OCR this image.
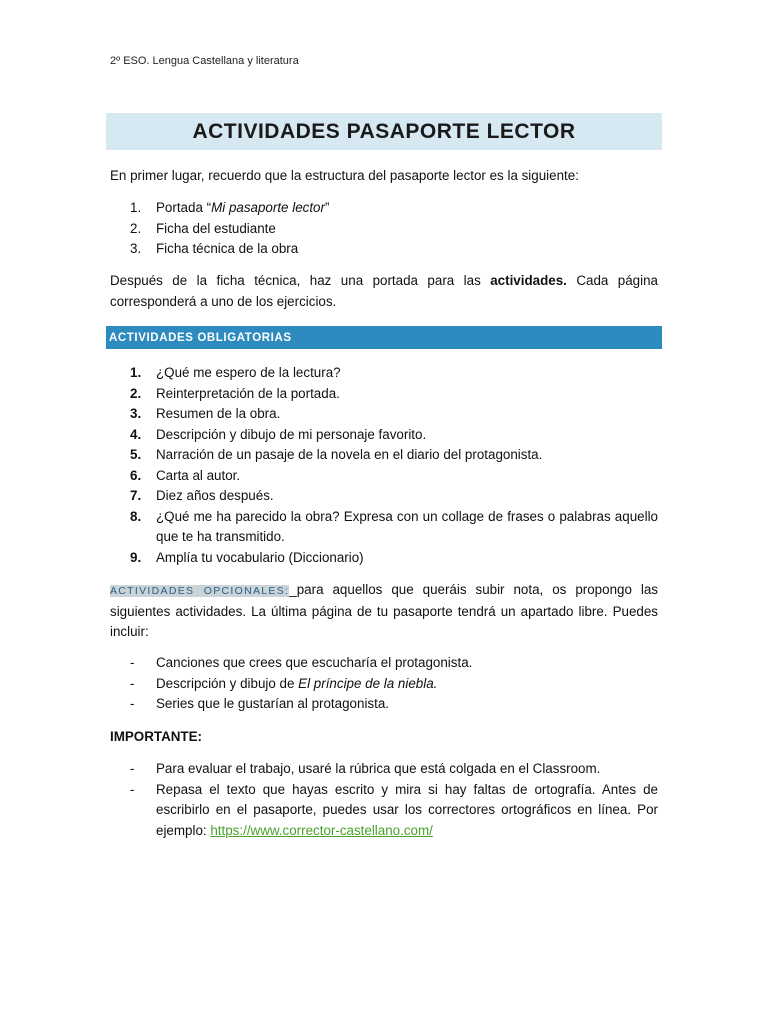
2º ESO. Lengua Castellana y literatura
ACTIVIDADES PASAPORTE LECTOR
En primer lugar, recuerdo que la estructura del pasaporte lector es la siguiente:
1.	Portada “Mi pasaporte lector”
2.	Ficha del estudiante
3.	Ficha técnica de la obra
Después de la ficha técnica, haz una portada para las actividades. Cada página corresponderá a uno de los ejercicios.
ACTIVIDADES OBLIGATORIAS
1.	¿Qué me espero de la lectura?
2.	Reinterpretación de la portada.
3.	Resumen de la obra.
4.	Descripción y dibujo de mi personaje favorito.
5.	Narración de un pasaje de la novela en el diario del protagonista.
6.	Carta al autor.
7.	Diez años después.
8.	¿Qué me ha parecido la obra? Expresa con un collage de frases o palabras aquello que te ha transmitido.
9.	Amplía tu vocabulario (Diccionario)
ACTIVIDADES OPCIONALES:_para aquellos que queráis subir nota, os propongo las siguientes actividades. La última página de tu pasaporte tendrá un apartado libre. Puedes incluir:
-	Canciones que crees que escucharía el protagonista.
-	Descripción y dibujo de El príncipe de la niebla.
-	Series que le gustarían al protagonista.
IMPORTANTE:
-	Para evaluar el trabajo, usaré la rúbrica que está colgada en el Classroom.
-	Repasa el texto que hayas escrito y mira si hay faltas de ortografía. Antes de escribirlo en el pasaporte, puedes usar los correctores ortográficos en línea. Por ejemplo: https://www.corrector-castellano.com/
